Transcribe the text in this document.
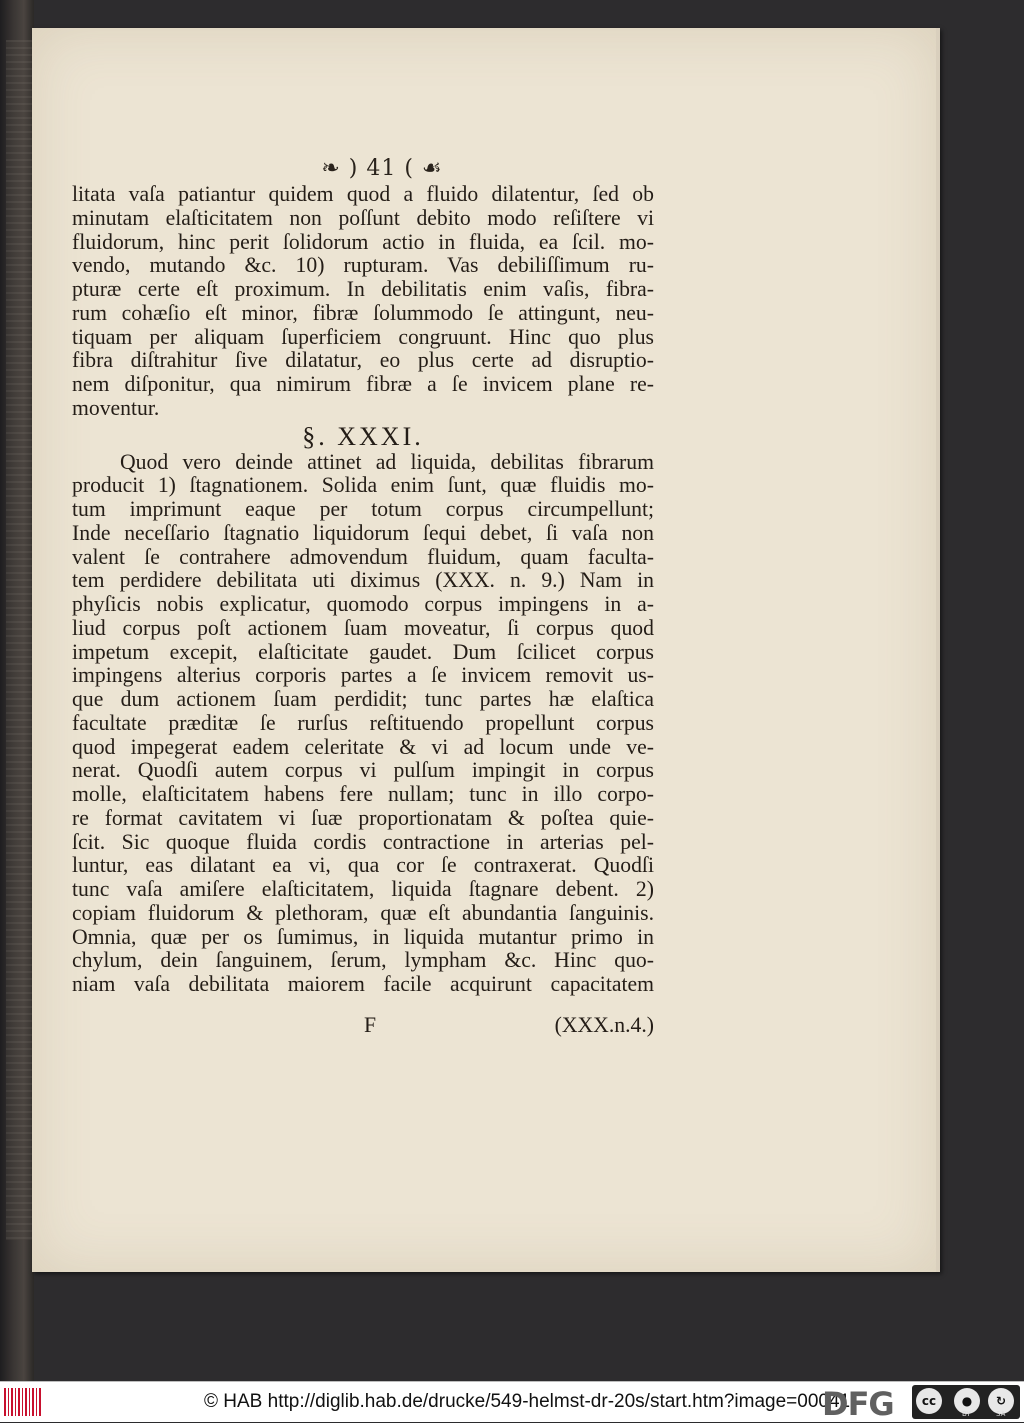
❧ ) 41 ( ☙
litata vaſa patiantur quidem quod a fluido dilatentur, ſed ob
minutam elaſticitatem non poſſunt debito modo reſiſtere vi
fluidorum, hinc perit ſolidorum actio in fluida, ea ſcil. mo-
vendo, mutando &c. 10) rupturam. Vas debiliſſimum ru-
pturæ certe eſt proximum. In debilitatis enim vaſis, fibra-
rum cohæſio eſt minor, fibræ ſolummodo ſe attingunt, neu-
tiquam per aliquam ſuperficiem congruunt. Hinc quo plus
fibra diſtrahitur ſive dilatatur, eo plus certe ad disruptio-
nem diſponitur, qua nimirum fibræ a ſe invicem plane re-
moventur.
§. XXXI.
Quod vero deinde attinet ad liquida, debilitas fibrarum
producit 1) ſtagnationem. Solida enim ſunt, quæ fluidis mo-
tum imprimunt eaque per totum corpus circumpellunt;
Inde neceſſario ſtagnatio liquidorum ſequi debet, ſi vaſa non
valent ſe contrahere admovendum fluidum, quam faculta-
tem perdidere debilitata uti diximus (XXX. n. 9.) Nam in
phyſicis nobis explicatur, quomodo corpus impingens in a-
liud corpus poſt actionem ſuam moveatur, ſi corpus quod
impetum excepit, elaſticitate gaudet. Dum ſcilicet corpus
impingens alterius corporis partes a ſe invicem removit us-
que dum actionem ſuam perdidit; tunc partes hæ elaſtica
facultate præditæ ſe rurſus reſtituendo propellunt corpus
quod impegerat eadem celeritate & vi ad locum unde ve-
nerat. Quodſi autem corpus vi pulſum impingit in corpus
molle, elaſticitatem habens fere nullam; tunc in illo corpo-
re format cavitatem vi ſuæ proportionatam & poſtea quie-
ſcit. Sic quoque fluida cordis contractione in arterias pel-
luntur, eas dilatant ea vi, qua cor ſe contraxerat. Quodſi
tunc vaſa amiſere elaſticitatem, liquida ſtagnare debent. 2)
copiam fluidorum & plethoram, quæ eſt abundantia ſanguinis.
Omnia, quæ per os ſumimus, in liquida mutantur primo in
chylum, dein ſanguinem, ſerum, lympham &c. Hinc quo-
niam vaſa debilitata maiorem facile acquirunt capacitatem
F	(XXX.n.4.)
© HAB http://diglib.hab.de/drucke/549-helmst-dr-20s/start.htm?image=00041
DFG	cc	●	↻
BY	SA
